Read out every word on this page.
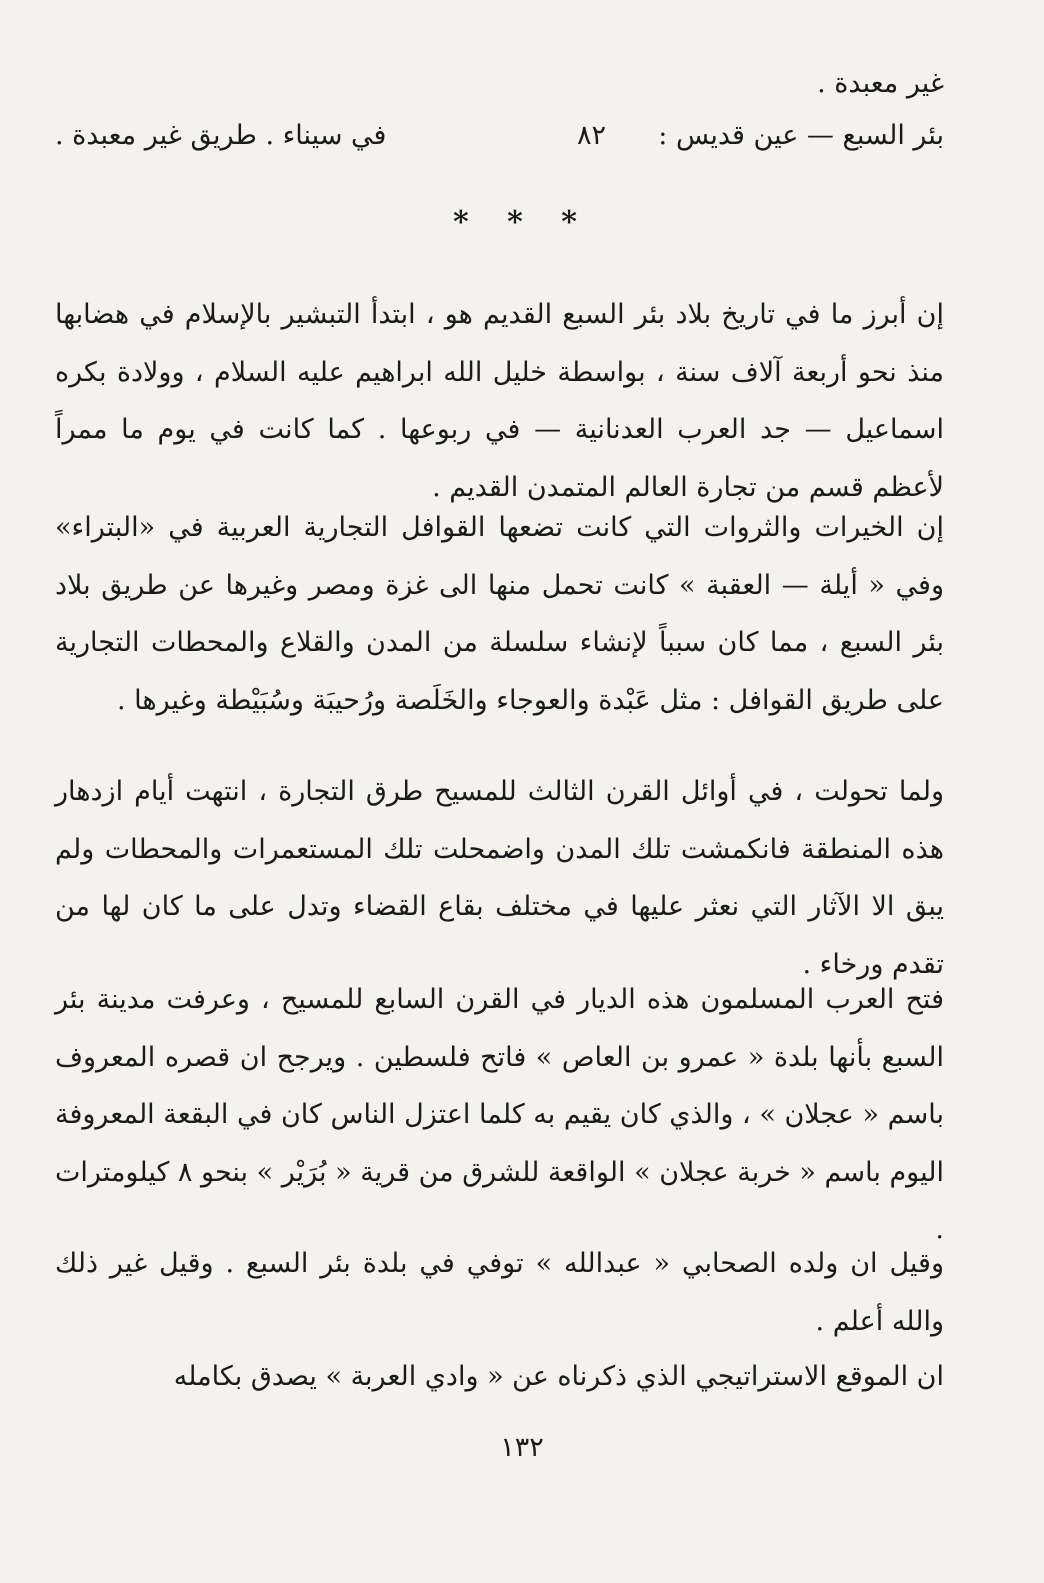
غير معبدة .
بئر السبع — عين قديس :
٨٢
في سيناء . طريق غير معبدة .
* * *

إن أبرز ما في تاريخ بلاد بئر السبع القديم هو ، ابتدأ التبشير بالإسلام في هضابها منذ نحو أربعة آلاف سنة ، بواسطة خليل الله ابراهيم عليه السلام ، وولادة بكره اسماعيل — جد العرب العدنانية — في ربوعها . كما كانت في يوم ما ممراً لأعظم قسم من تجارة العالم المتمدن القديم .

إن الخيرات والثروات التي كانت تضعها القوافل التجارية العربية في «البتراء» وفي « أيلة — العقبة » كانت تحمل منها الى غزة ومصر وغيرها عن طريق بلاد بئر السبع ، مما كان سبباً لإنشاء سلسلة من المدن والقلاع والمحطات التجارية على طريق القوافل : مثل عَبْدة والعوجاء والخَلَصة ورُحيبَة وسُبَيْطة وغيرها .

ولما تحولت ، في أوائل القرن الثالث للمسيح طرق التجارة ، انتهت أيام ازدهار هذه المنطقة فانكمشت تلك المدن واضمحلت تلك المستعمرات والمحطات ولم يبق الا الآثار التي نعثر عليها في مختلف بقاع القضاء وتدل على ما كان لها من تقدم ورخاء .

فتح العرب المسلمون هذه الديار في القرن السابع للمسيح ، وعرفت مدينة بئر السبع بأنها بلدة « عمرو بن العاص » فاتح فلسطين . ويرجح ان قصره المعروف باسم « عجلان » ، والذي كان يقيم به كلما اعتزل الناس كان في البقعة المعروفة اليوم باسم « خربة عجلان » الواقعة للشرق من قرية « بُرَيْر » بنحو ٨ كيلومترات .

وقيل ان ولده الصحابي « عبدالله » توفي في بلدة بئر السبع . وقيل غير ذلك والله أعلم .

ان الموقع الاستراتيجي الذي ذكرناه عن « وادي العربة » يصدق بكامله

١٣٢
